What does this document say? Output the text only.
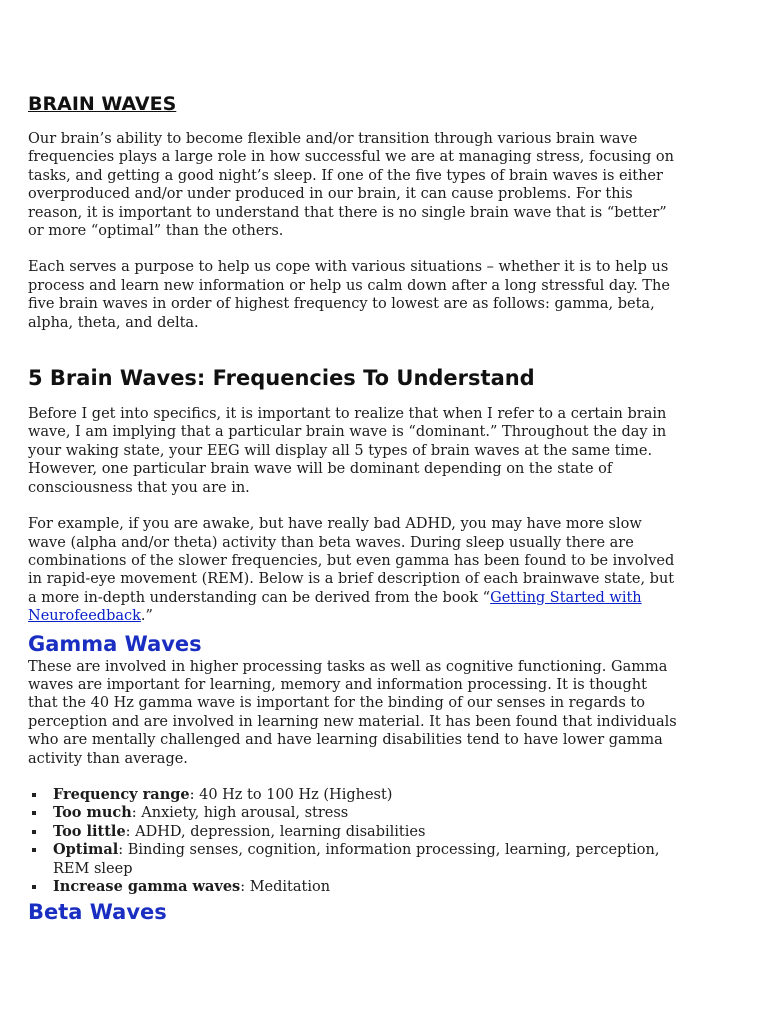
BRAIN WAVES

Our brain’s ability to become flexible and/or transition through various brain wave frequencies plays a large role in how successful we are at managing stress, focusing on tasks, and getting a good night’s sleep. If one of the five types of brain waves is either overproduced and/or under produced in our brain, it can cause problems. For this reason, it is important to understand that there is no single brain wave that is “better” or more “optimal” than the others.

Each serves a purpose to help us cope with various situations – whether it is to help us process and learn new information or help us calm down after a long stressful day. The five brain waves in order of highest frequency to lowest are as follows: gamma, beta, alpha, theta, and delta.

5 Brain Waves: Frequencies To Understand

Before I get into specifics, it is important to realize that when I refer to a certain brain wave, I am implying that a particular brain wave is “dominant.” Throughout the day in your waking state, your EEG will display all 5 types of brain waves at the same time. However, one particular brain wave will be dominant depending on the state of consciousness that you are in.

For example, if you are awake, but have really bad ADHD, you may have more slow wave (alpha and/or theta) activity than beta waves. During sleep usually there are combinations of the slower frequencies, but even gamma has been found to be involved in rapid-eye movement (REM). Below is a brief description of each brainwave state, but a more in-depth understanding can be derived from the book “Getting Started with Neurofeedback.”

Gamma Waves

These are involved in higher processing tasks as well as cognitive functioning. Gamma waves are important for learning, memory and information processing. It is thought that the 40 Hz gamma wave is important for the binding of our senses in regards to perception and are involved in learning new material. It has been found that individuals who are mentally challenged and have learning disabilities tend to have lower gamma activity than average.

Frequency range: 40 Hz to 100 Hz (Highest)
Too much: Anxiety, high arousal, stress
Too little: ADHD, depression, learning disabilities
Optimal: Binding senses, cognition, information processing, learning, perception, REM sleep
Increase gamma waves: Meditation
Beta Waves
